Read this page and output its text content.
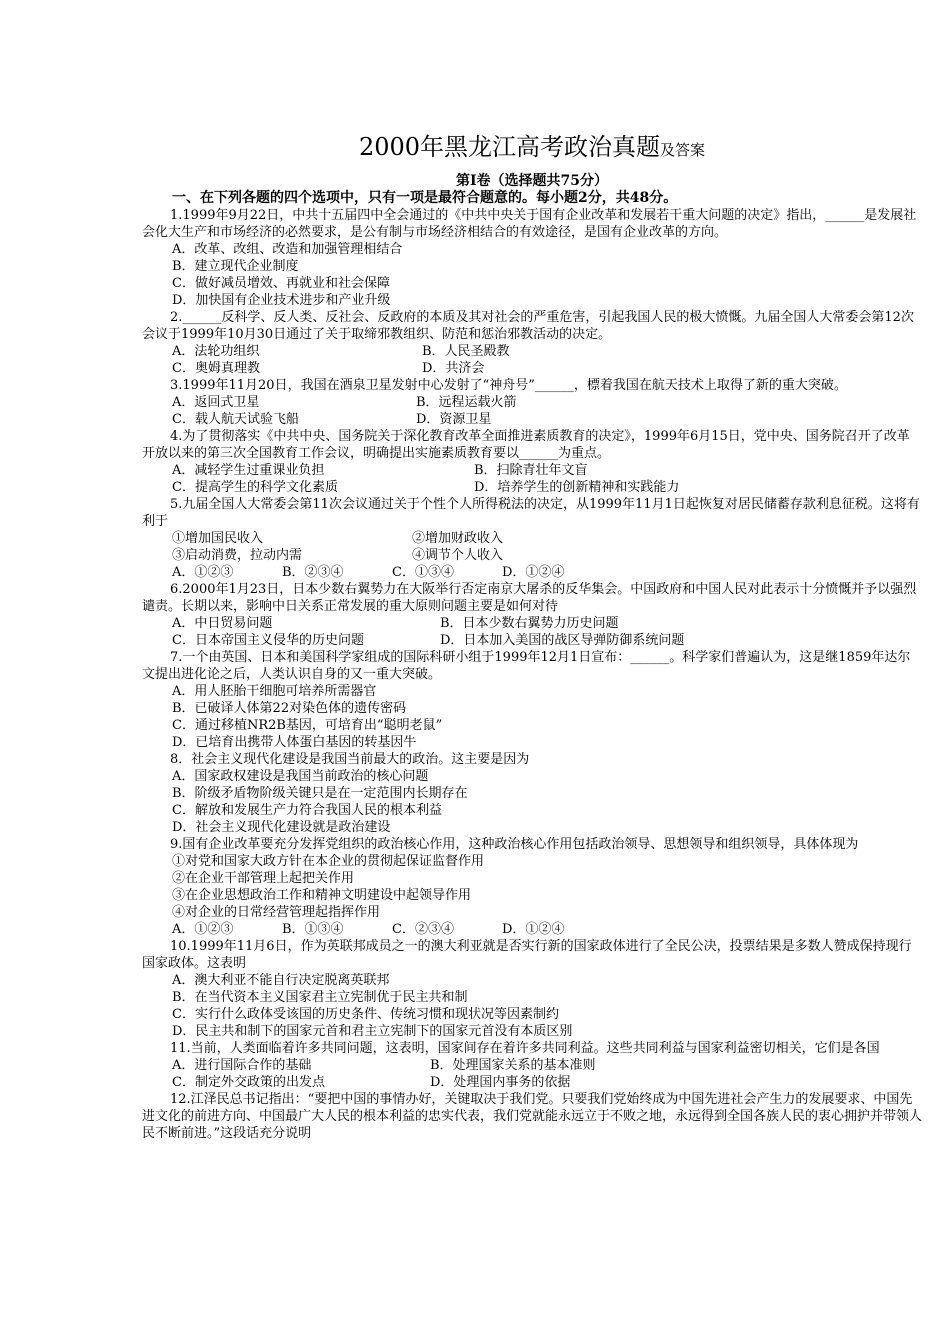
2000年黑龙江高考政治真题及答案
第Ⅰ卷（选择题共75分）
一、在下列各题的四个选项中，只有一项是最符合题意的。每小题2分，共48分。
1.1999年9月22日，中共十五届四中全会通过的《中共中央关于国有企业改革和发展若干重大问题的决定》指出，______是发展社会化大生产和市场经济的必然要求，是公有制与市场经济相结合的有效途径，是国有企业改革的方向。
A．改革、改组、改造和加强管理相结合
B．建立现代企业制度
C．做好减员增效、再就业和社会保障
D．加快国有企业技术进步和产业升级
2.______反科学、反人类、反社会、反政府的本质及其对社会的严重危害，引起我国人民的极大愤慨。九届全国人大常委会第12次会议于1999年10月30日通过了关于取缔邪教组织、防范和惩治邪教活动的决定。
A．法轮功组织	B．人民圣殿教
C．奥姆真理教	D．共济会
3.1999年11月20日，我国在酒泉卫星发射中心发射了“神舟号”______，標着我国在航天技术上取得了新的重大突破。
A．返回式卫星	B．远程运载火箭
C．载人航天试验飞船	D．资源卫星
4.为了贯彻落实《中共中央、国务院关于深化教育改革全面推进素质教育的决定》，1999年6月15日，党中央、国务院召开了改革开放以来的第三次全国教育工作会议，明确提出实施素质教育要以______为重点。
A．减轻学生过重课业负担	B．扫除青壮年文盲
C．提高学生的科学文化素质	D．培养学生的创新精神和实践能力
5.九届全国人大常委会第11次会议通过关于个性个人所得税法的决定，从1999年11月1日起恢复对居民储蓄存款利息征税。这将有利于
①增加国民收入	②增加财政收入
③启动消费，拉动内需	④调节个人收入
A．①②③	B．②③④	C．①③④	D．①②④
6.2000年1月23日，日本少数右翼势力在大阪举行否定南京大屠杀的反华集会。中国政府和中国人民对此表示十分愤慨并予以强烈谴责。长期以来，影响中日关系正常发展的重大原则问题主要是如何对待
A．中日贸易问题	B．日本少数右翼势力历史问题
C．日本帝国主义侵华的历史问题	D．日本加入美国的战区导弹防御系统问题
7.一个由英国、日本和美国科学家组成的国际科研小组于1999年12月1日宣布：______。科学家们普遍认为，这是继1859年达尔文提出进化论之后，人类认识自身的又一重大突破。
A．用人胚胎干细胞可培养所需器官
B．已破译人体第22对染色体的遗传密码
C．通过移植NR2B基因，可培育出“聪明老鼠”
D．已培育出携带人体蛋白基因的转基因牛
8．社会主义现代化建设是我国当前最大的政治。这主要是因为
A．国家政权建设是我国当前政治的核心问题
B．阶级矛盾物阶级关键只是在一定范围内长期存在
C．解放和发展生产力符合我国人民的根本利益
D．社会主义现代化建设就是政治建设
9.国有企业改革要充分发挥党组织的政治核心作用，这种政治核心作用包括政治领导、思想领导和组织领导，具体体现为
①对党和国家大政方针在本企业的贯彻起保证监督作用
②在企业干部管理上起把关作用
③在企业思想政治工作和精神文明建设中起领导作用
④对企业的日常经营管理起指挥作用
A．①②③	B．①③④	C．②③④	D．①②④
10.1999年11月6日，作为英联邦成员之一的澳大利亚就是否实行新的国家政体进行了全民公决，投票结果是多数人赞成保持现行国家政体。这表明
A．澳大利亚不能自行决定脱离英联邦
B．在当代资本主义国家君主立宪制优于民主共和制
C．实行什么政体受该国的历史条件、传统习惯和现状况等因素制约
D．民主共和制下的国家元首和君主立宪制下的国家元首没有本质区别
11.当前，人类面临着许多共同问题，这表明，国家间存在着许多共同利益。这些共同利益与国家利益密切相关，它们是各国
A．进行国际合作的基础	B．处理国家关系的基本准则
C．制定外交政策的出发点	D．处理国内事务的依据
12.江泽民总书记指出：“要把中国的事情办好，关键取决于我们党。只要我们党始终成为中国先进社会产生力的发展要求、中国先进文化的前进方向、中国最广大人民的根本利益的忠实代表，我们党就能永远立于不败之地，永远得到全国各族人民的衷心拥护并带领人民不断前进。”这段话充分说明
